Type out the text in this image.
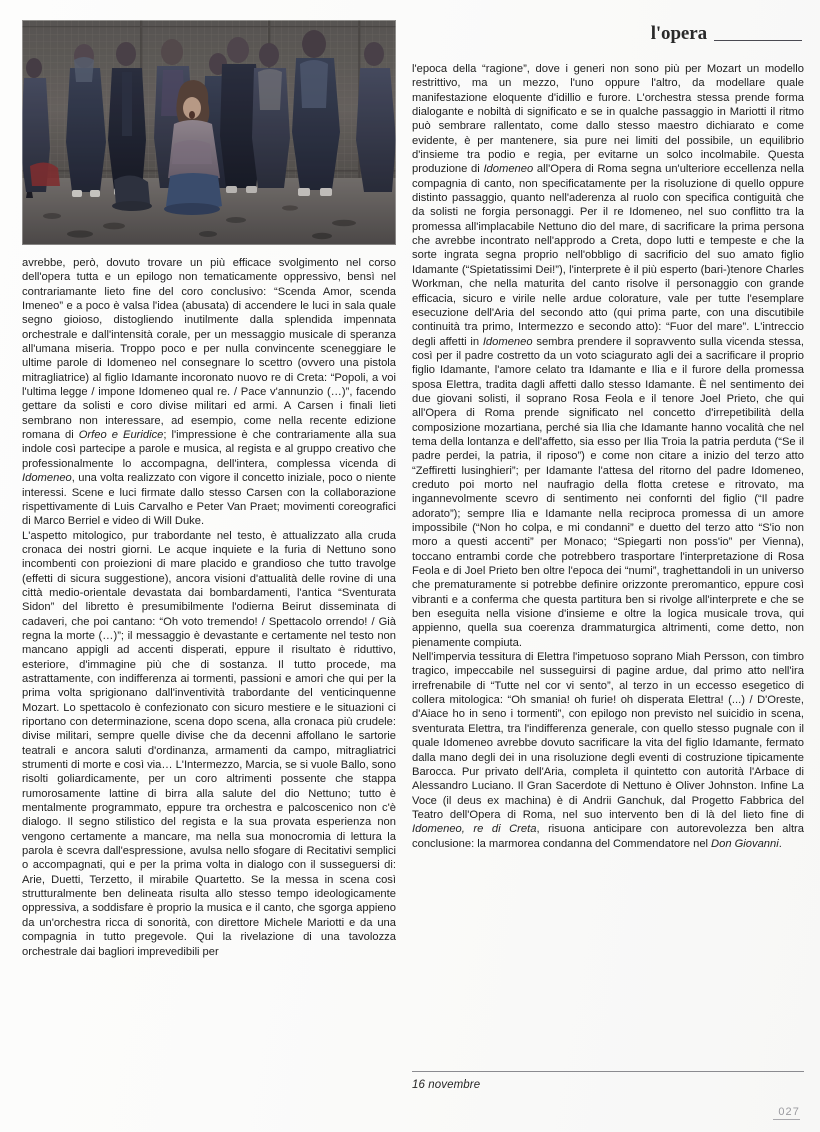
l'opera

avrebbe, però, dovuto trovare un più efficace svolgimento nel corso dell'opera tutta e un epilogo non tematicamente oppressivo, bensì nel contrariamante lieto fine del coro conclusivo: “Scenda Amor, scenda Imeneo” e a poco è valsa l'idea (abusata) di accendere le luci in sala quale segno gioioso, distogliendo inutilmente dalla splendida impennata orchestrale e dall'intensità corale, per un messaggio musicale di speranza all'umana miseria. Troppo poco e per nulla convincente sceneggiare le ultime parole di Idomeneo nel consegnare lo scettro (ovvero una pistola mitragliatrice) al figlio Idamante incoronato nuovo re di Creta: “Popoli, a voi l'ultima legge / impone Idomeneo qual re. / Pace v'annunzio (…)”, facendo gettare da solisti e coro divise militari ed armi. A Carsen i finali lieti sembrano non interessare, ad esempio, come nella recente edizione romana di Orfeo e Euridice; l'impressione è che contrariamente alla sua indole così partecipe a parole e musica, al regista e al gruppo creativo che professionalmente lo accompagna, dell'intera, complessa vicenda di Idomeneo, una volta realizzato con vigore il concetto iniziale, poco o niente interessi. Scene e luci firmate dallo stesso Carsen con la collaborazione rispettivamente di Luis Carvalho e Peter Van Praet; movimenti coreografici di Marco Berriel e video di Will Duke.

L'aspetto mitologico, pur trabordante nel testo, è attualizzato alla cruda cronaca dei nostri giorni. Le acque inquiete e la furia di Nettuno sono incombenti con proiezioni di mare placido e grandioso che tutto travolge (effetti di sicura suggestione), ancora visioni d'attualità delle rovine di una città medio-orientale devastata dai bombardamenti, l'antica “Sventurata Sidon” del libretto è presumibilmente l'odierna Beirut disseminata di cadaveri, che poi cantano: “Oh voto tremendo! / Spettacolo orrendo! / Già regna la morte (…)”; il messaggio è devastante e certamente nel testo non mancano appigli ad accenti disperati, eppure il risultato è riduttivo, esteriore, d'immagine più che di sostanza. Il tutto procede, ma astrattamente, con indifferenza ai tormenti, passioni e amori che qui per la prima volta sprigionano dall'inventività trabordante del venticinquenne Mozart. Lo spettacolo è confezionato con sicuro mestiere e le situazioni ci riportano con determinazione, scena dopo scena, alla cronaca più crudele: divise militari, sempre quelle divise che da decenni affollano le sartorie teatrali e ancora saluti d'ordinanza, armamenti da campo, mitragliatrici strumenti di morte e così via… L'Intermezzo, Marcia, se si vuole Ballo, sono risolti goliardicamente, per un coro altrimenti possente che stappa rumorosamente lattine di birra alla salute del dio Nettuno; tutto è mentalmente programmato, eppure tra orchestra e palcoscenico non c'è dialogo. Il segno stilistico del regista e la sua provata esperienza non vengono certamente a mancare, ma nella sua monocromia di lettura la parola è scevra dall'espressione, avulsa nello sfogare di Recitativi semplici o accompagnati, qui e per la prima volta in dialogo con il susseguersi di: Arie, Duetti, Terzetto, il mirabile Quartetto. Se la messa in scena così strutturalmente ben delineata risulta allo stesso tempo ideologicamente oppressiva, a soddisfare è proprio la musica e il canto, che sgorga appieno da un'orchestra ricca di sonorità, con direttore Michele Mariotti e da una compagnia in tutto pregevole. Qui la rivelazione di una tavolozza orchestrale dai bagliori imprevedibili per

l'epoca della “ragione”, dove i generi non sono più per Mozart un modello restrittivo, ma un mezzo, l'uno oppure l'altro, da modellare quale manifestazione eloquente d'idillio e furore. L'orchestra stessa prende forma dialogante e nobiltà di significato e se in qualche passaggio in Mariotti il ritmo può sembrare rallentato, come dallo stesso maestro dichiarato e come evidente, è per mantenere, sia pure nei limiti del possibile, un equilibrio d'insieme tra podio e regia, per evitarne un solco incolmabile. Questa produzione di Idomeneo all'Opera di Roma segna un'ulteriore eccellenza nella compagnia di canto, non specificatamente per la risoluzione di quello oppure distinto passaggio, quanto nell'aderenza al ruolo con specifica contiguità che da solisti ne forgia personaggi. Per il re Idomeneo, nel suo conflitto tra la promessa all'implacabile Nettuno dio del mare, di sacrificare la prima persona che avrebbe incontrato nell'approdo a Creta, dopo lutti e tempeste e che la sorte ingrata segna proprio nell'obbligo di sacrificio del suo amato figlio Idamante (“Spietatissimi Dei!”), l'interprete è il più esperto (bari-)tenore Charles Workman, che nella maturita del canto risolve il personaggio con grande efficacia, sicuro e virile nelle ardue colorature, vale per tutte l'esemplare esecuzione dell'Aria del secondo atto (qui prima parte, con una discutibile continuità tra primo, Intermezzo e secondo atto): “Fuor del mare”. L'intreccio degli affetti in Idomeneo sembra prendere il sopravvento sulla vicenda stessa, così per il padre costretto da un voto sciagurato agli dei a sacrificare il proprio figlio Idamante, l'amore celato tra Idamante e Ilia e il furore della promessa sposa Elettra, tradita dagli affetti dallo stesso Idamante. È nel sentimento dei due giovani solisti, il soprano Rosa Feola e il tenore Joel Prieto, che qui all'Opera di Roma prende significato nel concetto d'irrepetibilità della composizione mozartiana, perché sia Ilia che Idamante hanno vocalità che nel tema della lontanza e dell'affetto, sia esso per Ilia Troia la patria perduta (“Se il padre perdei, la patria, il riposo”) e come non citare a inizio del terzo atto “Zeffiretti lusinghieri”; per Idamante l'attesa del ritorno del padre Idomeneo, creduto poi morto nel naufragio della flotta cretese e ritrovato, ma ingannevolmente scevro di sentimento nei confornti del figlio (“Il padre adorato”); sempre Ilia e Idamante nella reciproca promessa di un amore impossibile (“Non ho colpa, e mi condanni” e duetto del terzo atto “S'io non moro a questi accenti” per Monaco; “Spiegarti non poss'io” per Vienna), toccano entrambi corde che potrebbero trasportare l'interpretazione di Rosa Feola e di Joel Prieto ben oltre l'epoca dei “numi”, traghettandoli in un universo che prematuramente si potrebbe definire orizzonte preromantico, eppure così vibranti e a conferma che questa partitura ben si rivolge all'interprete e che se ben eseguita nella visione d'insieme e oltre la logica musicale trova, qui appienno, quella sua coerenza drammaturgica altrimenti, come detto, non pienamente compiuta.

Nell'impervia tessitura di Elettra l'impetuoso soprano Miah Persson, con timbro tragico, impeccabile nel susseguirsi di pagine ardue, dal primo atto nell'ira irrefrenabile di “Tutte nel cor vi sento”, al terzo in un eccesso esegetico di collera mitologica: “Oh smania! oh furie! oh disperata Elettra! (...) / D'Oreste, d'Aiace ho in seno i tormenti”, con epilogo non previsto nel suicidio in scena, sventurata Elettra, tra l'indifferenza generale, con quello stesso pugnale con il quale Idomeneo avrebbe dovuto sacrificare la vita del figlio Idamante, fermato dalla mano degli dei in una risoluzione degli eventi di costruzione tipicamente Barocca. Pur privato dell'Aria, completa il quintetto con autorità l'Arbace di Alessandro Luciano. Il Gran Sacerdote di Nettuno è Oliver Johnston. Infine La Voce (il deus ex machina) è di Andrii Ganchuk, dal Progetto Fabbrica del Teatro dell'Opera di Roma, nel suo intervento ben di là del lieto fine di Idomeneo, re di Creta, risuona anticipare con autorevolezza ben altra conclusione: la marmorea condanna del Commendatore nel Don Giovanni.

16 novembre
027
